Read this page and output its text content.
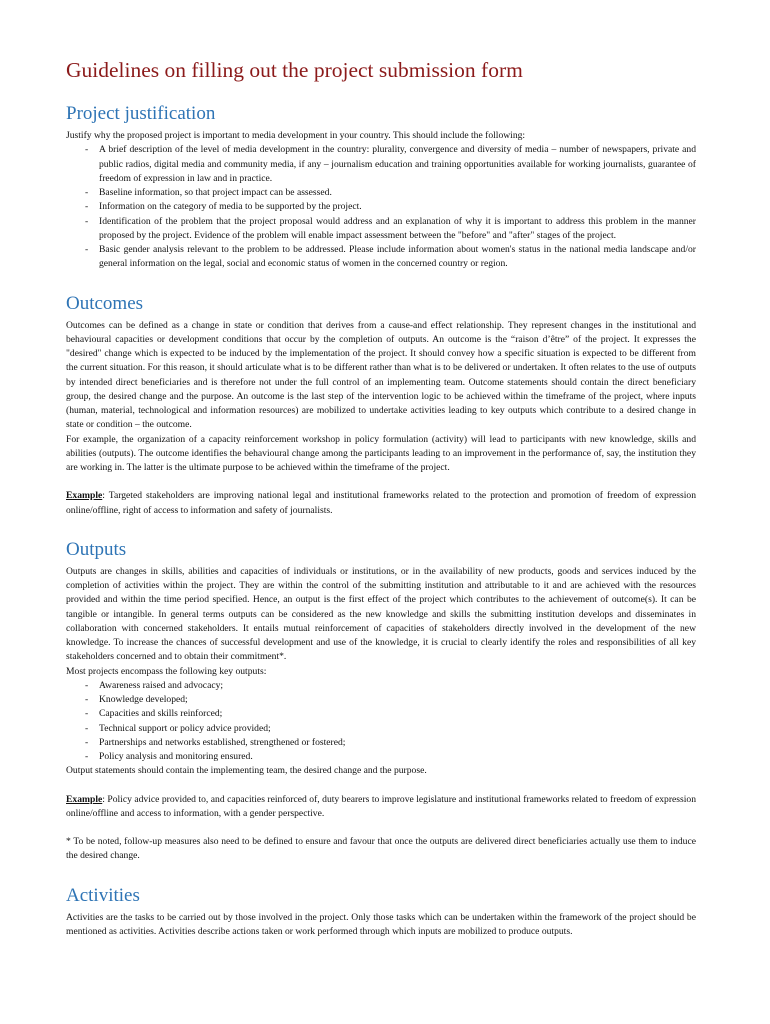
Guidelines on filling out the project submission form
Project justification

Justify why the proposed project is important to media development in your country. This should include the following:

- A brief description of the level of media development in the country: plurality, convergence and diversity of media – number of newspapers, private and public radios, digital media and community media, if any – journalism education and training opportunities available for working journalists, guarantee of freedom of expression in law and in practice.
- Baseline information, so that project impact can be assessed.
- Information on the category of media to be supported by the project.
- Identification of the problem that the project proposal would address and an explanation of why it is important to address this problem in the manner proposed by the project. Evidence of the problem will enable impact assessment between the "before" and "after" stages of the project.
- Basic gender analysis relevant to the problem to be addressed. Please include information about women's status in the national media landscape and/or general information on the legal, social and economic status of women in the concerned country or region.
Outcomes

Outcomes can be defined as a change in state or condition that derives from a cause-and effect relationship. They represent changes in the institutional and behavioural capacities or development conditions that occur by the completion of outputs. An outcome is the “raison d’être” of the project. It expresses the "desired" change which is expected to be induced by the implementation of the project. It should convey how a specific situation is expected to be different from the current situation. For this reason, it should articulate what is to be different rather than what is to be delivered or undertaken. It often relates to the use of outputs by intended direct beneficiaries and is therefore not under the full control of an implementing team. Outcome statements should contain the direct beneficiary group, the desired change and the purpose. An outcome is the last step of the intervention logic to be achieved within the timeframe of the project, where inputs (human, material, technological and information resources) are mobilized to undertake activities leading to key outputs which contribute to a desired change in state or condition – the outcome.

For example, the organization of a capacity reinforcement workshop in policy formulation (activity) will lead to participants with new knowledge, skills and abilities (outputs). The outcome identifies the behavioural change among the participants leading to an improvement in the performance of, say, the institution they are working in. The latter is the ultimate purpose to be achieved within the timeframe of the project.

Example: Targeted stakeholders are improving national legal and institutional frameworks related to the protection and promotion of freedom of expression online/offline, right of access to information and safety of journalists.

Outputs

Outputs are changes in skills, abilities and capacities of individuals or institutions, or in the availability of new products, goods and services induced by the completion of activities within the project. They are within the control of the submitting institution and attributable to it and are achieved with the resources provided and within the time period specified. Hence, an output is the first effect of the project which contributes to the achievement of outcome(s). It can be tangible or intangible. In general terms outputs can be considered as the new knowledge and skills the submitting institution develops and disseminates in collaboration with concerned stakeholders. It entails mutual reinforcement of capacities of stakeholders directly involved in the development of the new knowledge. To increase the chances of successful development and use of the knowledge, it is crucial to clearly identify the roles and responsibilities of all key stakeholders concerned and to obtain their commitment*.

Most projects encompass the following key outputs:

- Awareness raised and advocacy;
- Knowledge developed;
- Capacities and skills reinforced;
- Technical support or policy advice provided;
- Partnerships and networks established, strengthened or fostered;
- Policy analysis and monitoring ensured.

Output statements should contain the implementing team, the desired change and the purpose.

Example: Policy advice provided to, and capacities reinforced of, duty bearers to improve legislature and institutional frameworks related to freedom of expression online/offline and access to information, with a gender perspective.

* To be noted, follow-up measures also need to be defined to ensure and favour that once the outputs are delivered direct beneficiaries actually use them to induce the desired change.

Activities

Activities are the tasks to be carried out by those involved in the project. Only those tasks which can be undertaken within the framework of the project should be mentioned as activities. Activities describe actions taken or work performed through which inputs are mobilized to produce outputs.
